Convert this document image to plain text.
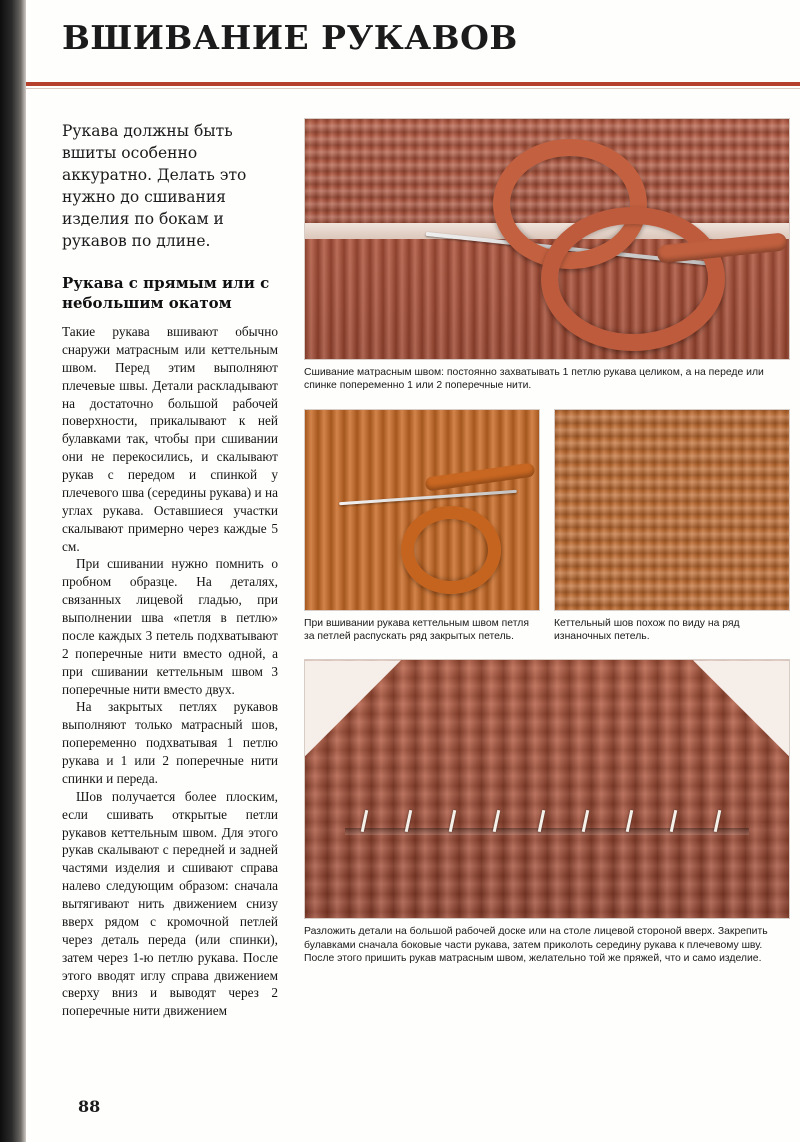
ВШИВАНИЕ РУКАВОВ

Рукава должны быть вшиты особенно аккуратно. Делать это нужно до сшивания изделия по бокам и рукавов по длине.

Рукава с прямым или с небольшим окатом

Такие рукава вшивают обычно снаружи матрасным или кеттельным швом. Перед этим выполняют плечевые швы. Детали раскладывают на достаточно большой рабочей поверхности, прикалывают к ней булавками так, чтобы при сшивании они не перекосились, и скалывают рукав с передом и спинкой у плечевого шва (середины рукава) и на углах рукава. Оставшиеся участки скалывают примерно через каждые 5 см.

При сшивании нужно помнить о пробном образце. На деталях, связанных лицевой гладью, при выполнении шва «петля в петлю» после каждых 3 петель подхватывают 2 поперечные нити вместо одной, а при сшивании кеттельным швом 3 поперечные нити вместо двух.

На закрытых петлях рукавов выполняют только матрасный шов, попеременно подхватывая 1 петлю рукава и 1 или 2 поперечные нити спинки и переда.

Шов получается более плоским, если сшивать открытые петли рукавов кеттельным швом. Для этого рукав скалывают с передней и задней частями изделия и сшивают справа налево следующим образом: сначала вытягивают нить движением снизу вверх рядом с кромочной петлей через деталь переда (или спинки), затем через 1-ю петлю рукава. После этого вводят иглу справа движением сверху вниз и выводят через 2 поперечные нити движением

Сшивание матрасным швом: постоянно захватывать 1 петлю рукава целиком, а на переде или спинке попеременно 1 или 2 поперечные нити.
При вшивании рукава кеттельным швом петля за петлей распускать ряд закрытых петель.
Кеттельный шов похож по виду на ряд изнаночных петель.
Разложить детали на большой рабочей доске или на столе лицевой стороной вверх. Закрепить булавками сначала боковые части рукава, затем приколоть середину рукава к плечевому шву. После этого пришить рукав матрасным швом, желательно той же пряжей, что и само изделие.
88
